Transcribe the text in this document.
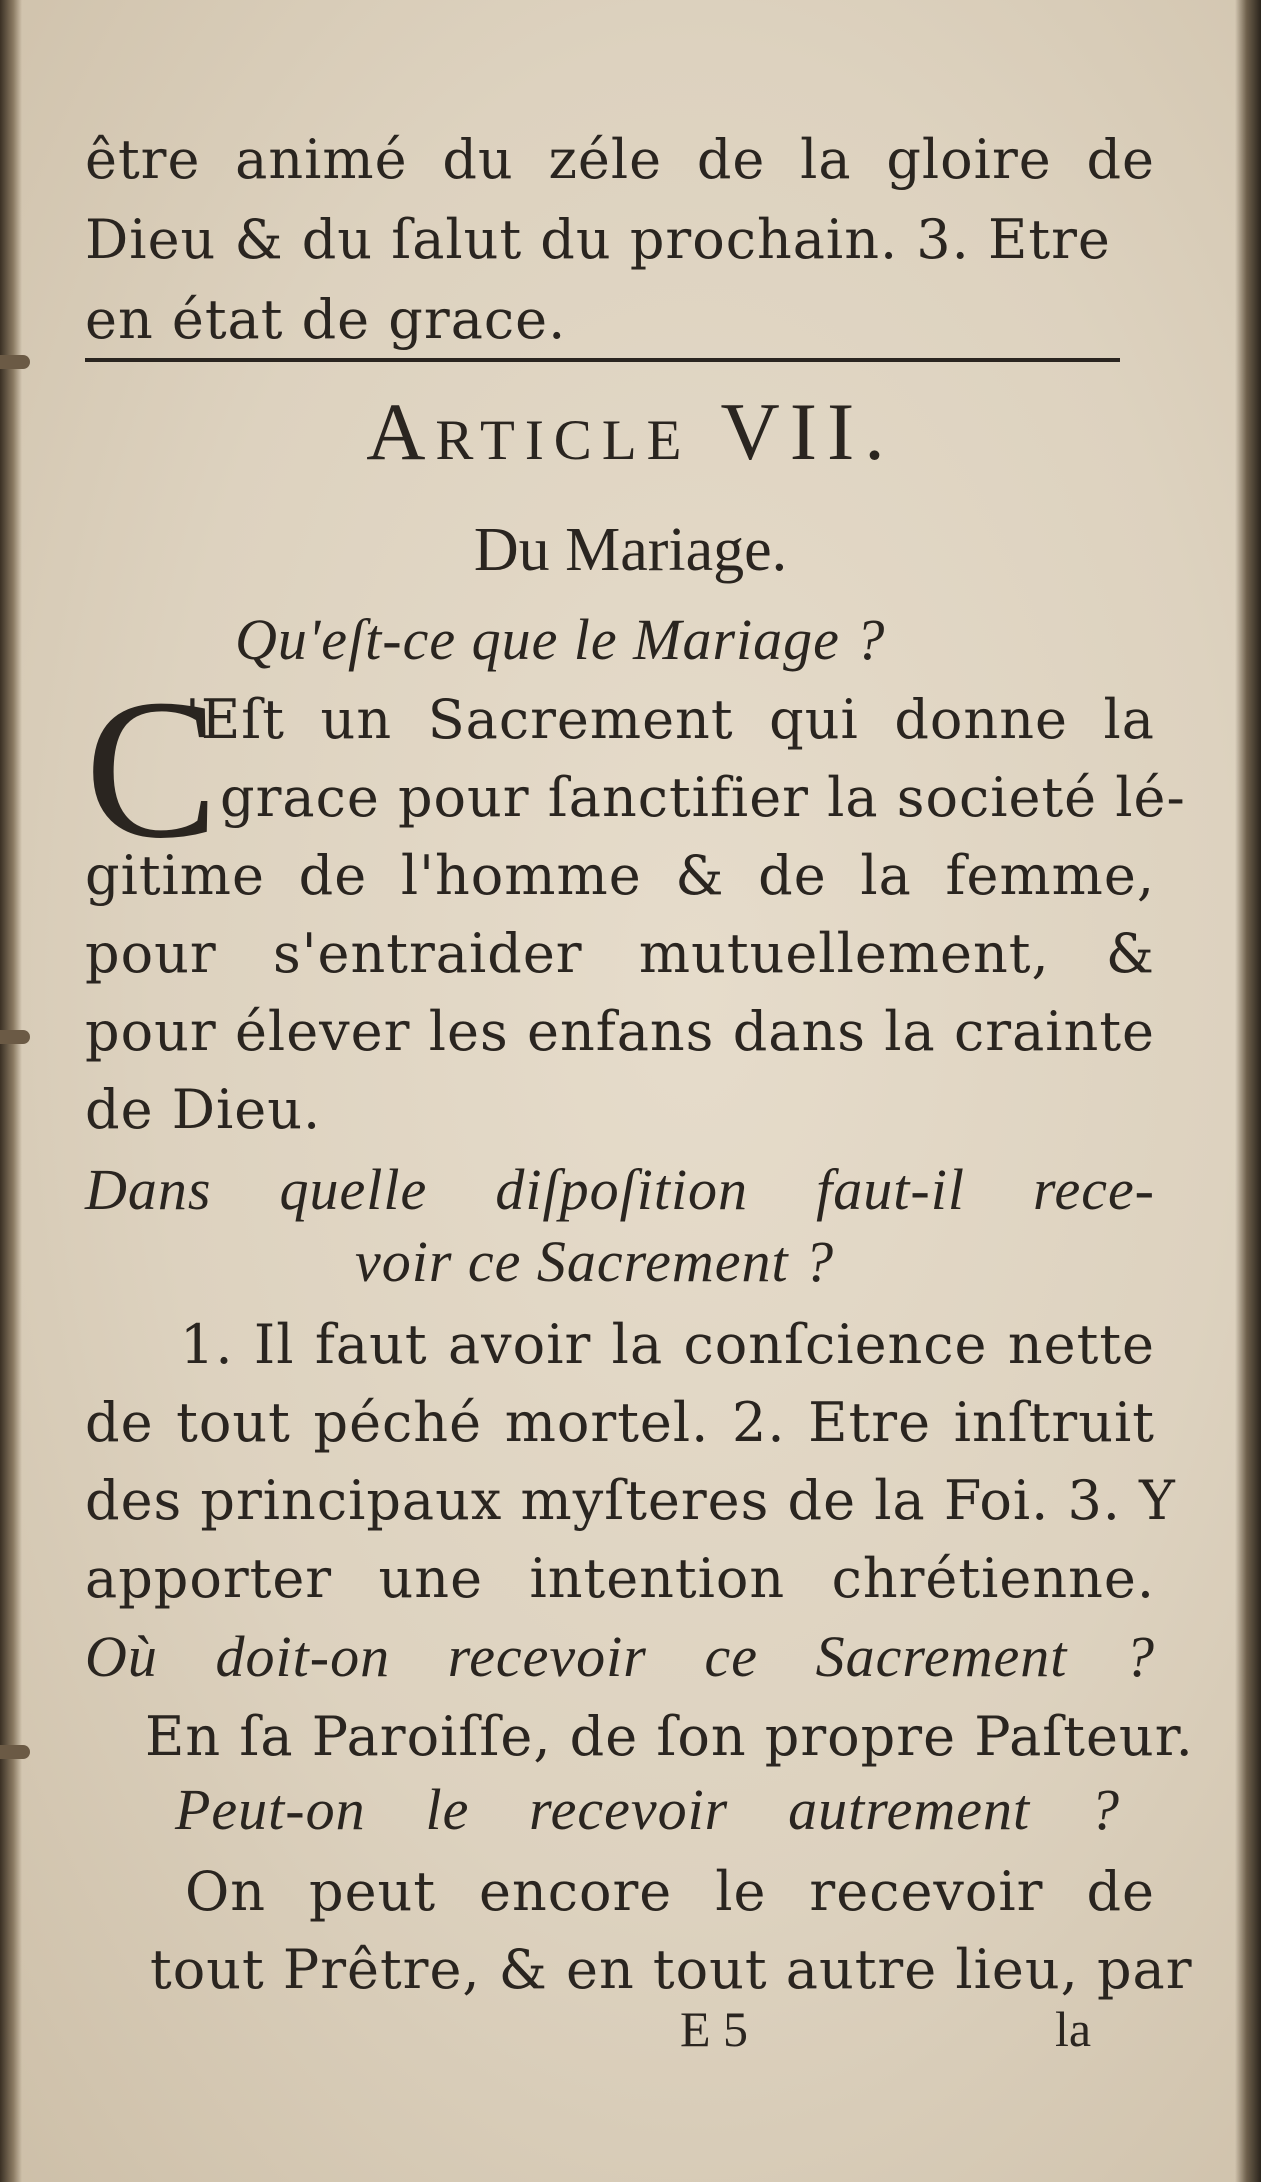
être animé du zéle de la gloire de
Dieu & du ſalut du prochain. 3. Etre
en état de grace.
Article VII.
Du Mariage.
Qu'eſt-ce que le Mariage ?
C
'Eſt un Sacrement qui donne la
grace pour ſanctifier la societé lé-
gitime de l'homme & de la femme,
pour s'entraider mutuellement, &
pour élever les enfans dans la crainte
de Dieu.
Dans quelle diſpoſition faut-il rece-
voir ce Sacrement ?
1. Il faut avoir la conſcience nette
de tout péché mortel. 2. Etre inſtruit
des principaux myſteres de la Foi. 3. Y
apporter une intention chrétienne.
Où doit-on recevoir ce Sacrement ?
En ſa Paroiſſe, de ſon propre Paſteur.
Peut-on le recevoir autrement ?
On peut encore le recevoir de
tout Prêtre, & en tout autre lieu, par
E 5	la
